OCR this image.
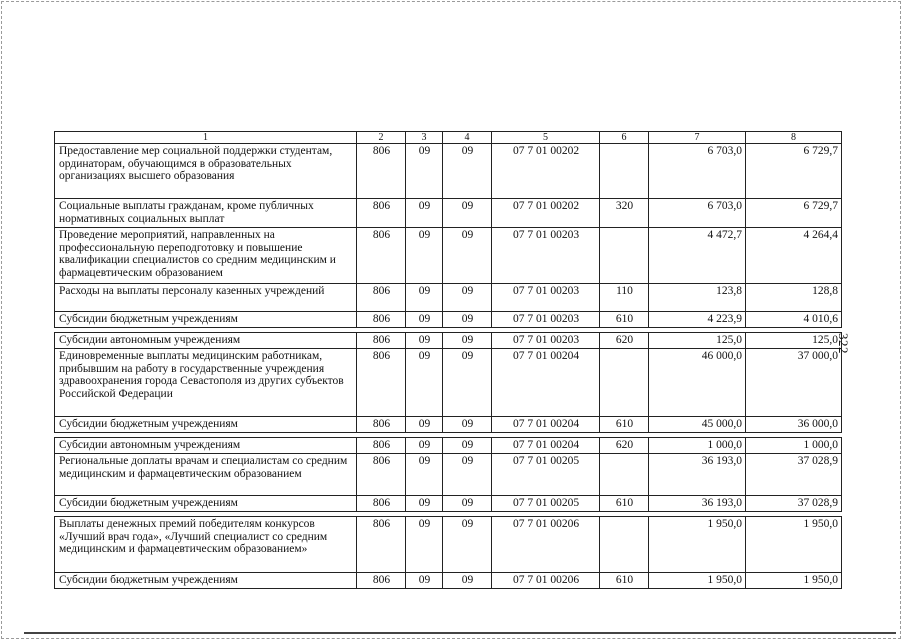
1	2	3	4	5	6	7	8
Предоставление мер социальной поддержки студентам, ординаторам, обучающимся в образовательных организациях высшего образования	806	09	09	07 7 01 00202		6 703,0	6 729,7
Социальные выплаты гражданам, кроме публичных нормативных социальных выплат	806	09	09	07 7 01 00202	320	6 703,0	6 729,7
Проведение мероприятий, направленных на профессиональную переподготовку и повышение квалификации специалистов со средним медицинским и фармацевтическим образованием	806	09	09	07 7 01 00203		4 472,7	4 264,4
Расходы на выплаты персоналу казенных учреждений	806	09	09	07 7 01 00203	110	123,8	128,8
Субсидии бюджетным учреждениям	806	09	09	07 7 01 00203	610	4 223,9	4 010,6

Субсидии автономным учреждениям	806	09	09	07 7 01 00203	620	125,0	125,0
Единовременные выплаты медицинским работникам, прибывшим на работу в государственные учреждения здравоохранения города Севастополя из других субъектов Российской Федерации	806	09	09	07 7 01 00204		46 000,0	37 000,0
Субсидии бюджетным учреждениям	806	09	09	07 7 01 00204	610	45 000,0	36 000,0

Субсидии автономным учреждениям	806	09	09	07 7 01 00204	620	1 000,0	1 000,0
Региональные доплаты врачам и специалистам со средним медицинским и фармацевтическим образованием	806	09	09	07 7 01 00205		36 193,0	37 028,9
Субсидии бюджетным учреждениям	806	09	09	07 7 01 00205	610	36 193,0	37 028,9

Выплаты денежных премий победителям конкурсов «Лучший врач года», «Лучший специалист со средним медицинским и фармацевтическим образованием»	806	09	09	07 7 01 00206		1 950,0	1 950,0
Субсидии бюджетным учреждениям	806	09	09	07 7 01 00206	610	1 950,0	1 950,0
322
